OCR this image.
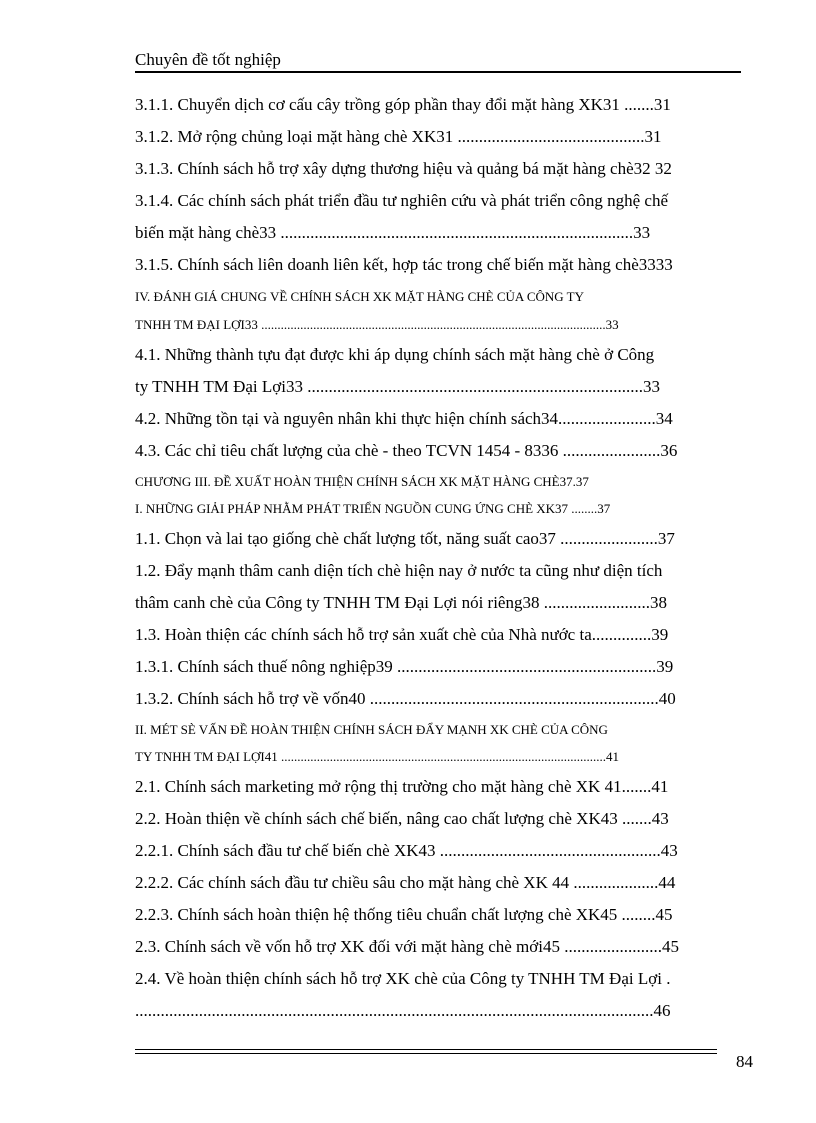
Chuyên đề tốt nghiệp
3.1.1. Chuyển dịch cơ cấu cây trồng góp phần thay đổi mặt hàng XK31 .......31
3.1.2. Mở rộng chủng loại mặt hàng chè XK31 ............................................31
3.1.3. Chính sách hỗ trợ xây dựng thương hiệu và quảng bá mặt hàng chè32 32
3.1.4. Các chính sách phát triển đầu tư nghiên cứu và phát triển công nghệ chế
biến mặt hàng chè33 ...................................................................................33
3.1.5. Chính sách liên doanh liên kết, hợp tác trong chế biến mặt hàng chè3333
IV. ĐÁNH GIÁ CHUNG VỀ CHÍNH SÁCH XK MẶT HÀNG CHÈ CỦA CÔNG TY
TNHH TM ĐẠI LỢI33 ..........................................................................................................33
4.1. Những thành tựu đạt được khi áp dụng chính sách mặt hàng chè ở Công
ty TNHH TM Đại Lợi33 ...............................................................................33
4.2. Những tồn tại và nguyên nhân khi thực hiện chính sách34.......................34
4.3. Các chỉ tiêu chất lượng của chè - theo TCVN 1454 - 8336 .......................36
CHƯƠNG III. ĐỀ XUẤT HOÀN THIỆN CHÍNH SÁCH XK MẶT HÀNG CHÈ37.37
I. NHỮNG GIẢI PHÁP NHẰM PHÁT TRIỂN NGUỒN CUNG ỨNG CHÈ XK37 ........37
1.1. Chọn và lai tạo giống chè chất lượng tốt, năng suất cao37 .......................37
1.2. Đẩy mạnh thâm canh diện tích chè hiện nay ở nước ta cũng như diện tích
thâm canh chè của Công ty TNHH TM Đại Lợi nói riêng38 .........................38
1.3. Hoàn thiện các chính sách hỗ trợ sản xuất chè của Nhà nước ta..............39
1.3.1. Chính sách thuế nông nghiệp39 .............................................................39
1.3.2. Chính sách hỗ trợ về vốn40 ....................................................................40
II. MÉT SÈ VẤN ĐỀ HOÀN THIỆN CHÍNH SÁCH ĐẨY MẠNH XK CHÈ CỦA CÔNG
TY TNHH TM ĐẠI LỢI41 ....................................................................................................41
2.1. Chính sách marketing mở rộng thị trường cho mặt hàng chè XK 41.......41
2.2. Hoàn thiện về chính sách chế biến, nâng cao chất lượng chè XK43 .......43
2.2.1. Chính sách đầu tư chế biến chè XK43 ....................................................43
2.2.2. Các chính sách đầu tư chiều sâu cho mặt hàng chè XK 44 ....................44
2.2.3. Chính sách hoàn thiện hệ thống tiêu chuẩn chất lượng chè XK45 ........45
2.3. Chính sách về vốn hỗ trợ XK đối với mặt hàng chè mới45 .......................45
2.4. Về hoàn thiện chính sách hỗ trợ XK chè của Công ty TNHH TM Đại Lợi .
..........................................................................................................................46
84
